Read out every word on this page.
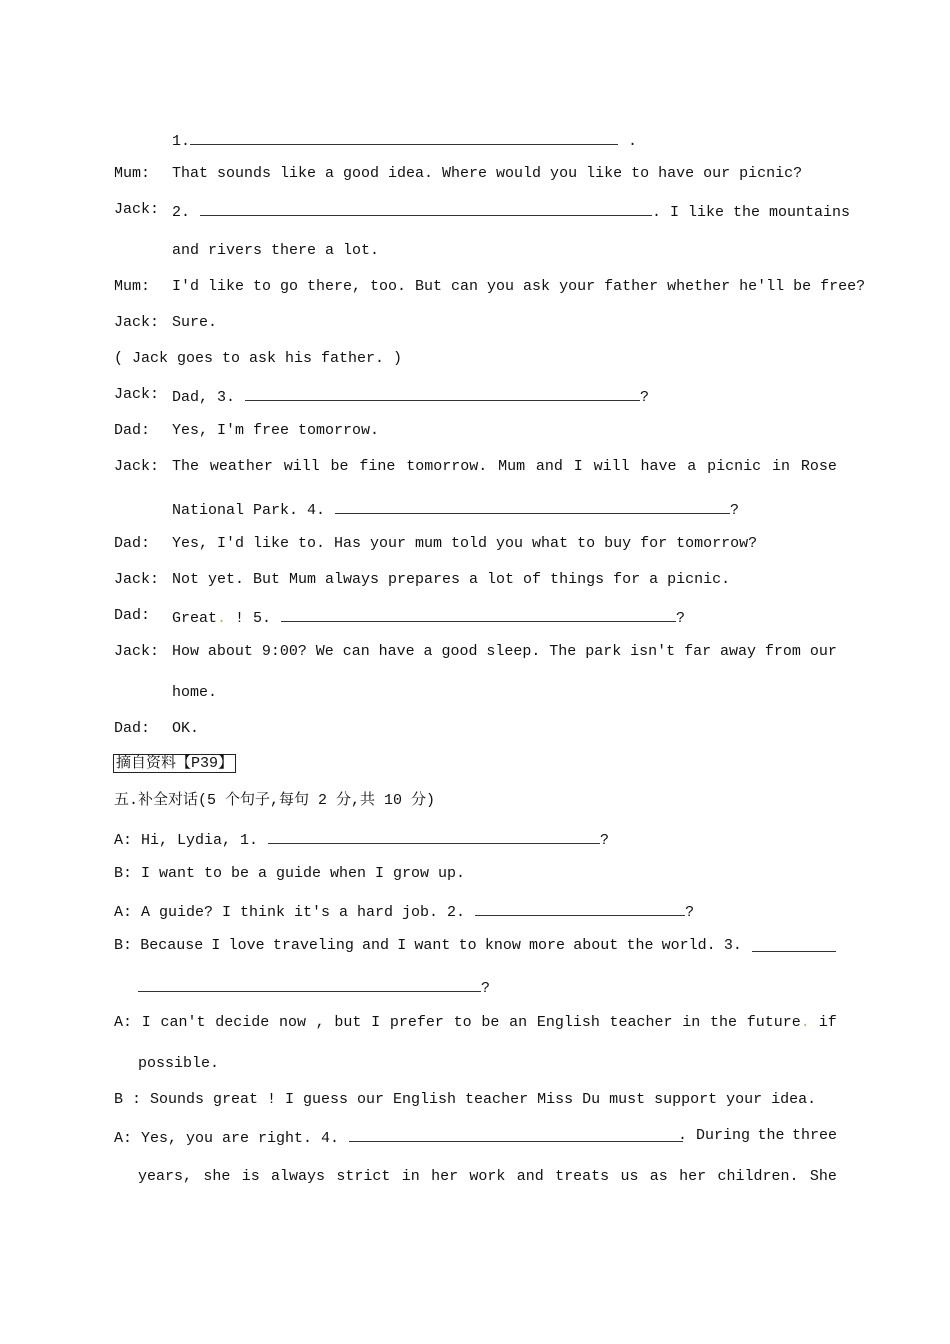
1.	.
Mum: That sounds like a good idea. Where would you like to have our picnic?
Jack: 2.	. I like the mountains
and rivers there a lot.
Mum: I'd like to go there, too. But can you ask your father whether he'll be free?
Jack: Sure.
( Jack goes to ask his father. )
Jack: Dad, 3.	?
Dad: Yes, I'm free tomorrow.
Jack: The weather will be fine tomorrow. Mum and I will have a picnic in Rose
National Park. 4.	?
Dad: Yes, I'd like to. Has your mum told you what to buy for tomorrow?
Jack: Not yet. But Mum always prepares a lot of things for a picnic.
Dad: Great. ! 5.	?
Jack: How about 9:00? We can have a good sleep. The park isn't far away from our
home.
Dad: OK.
摘自资料【P39】
五.补全对话(5 个句子,每句 2 分,共 10 分)
A: Hi, Lydia, 1.	?
B: I want to be a guide when I grow up.
A: A guide? I think it's a hard job. 2.	?
B: Because I love traveling and I want to know more about the world. 3.
?
A: I can't decide now , but I prefer to be an English teacher in the future. if
possible.
B : Sounds great ! I guess our English teacher Miss Du must support your idea.
A: Yes, you are right. 4.	. During the three
years, she is always strict in her work and treats us as her children. She
